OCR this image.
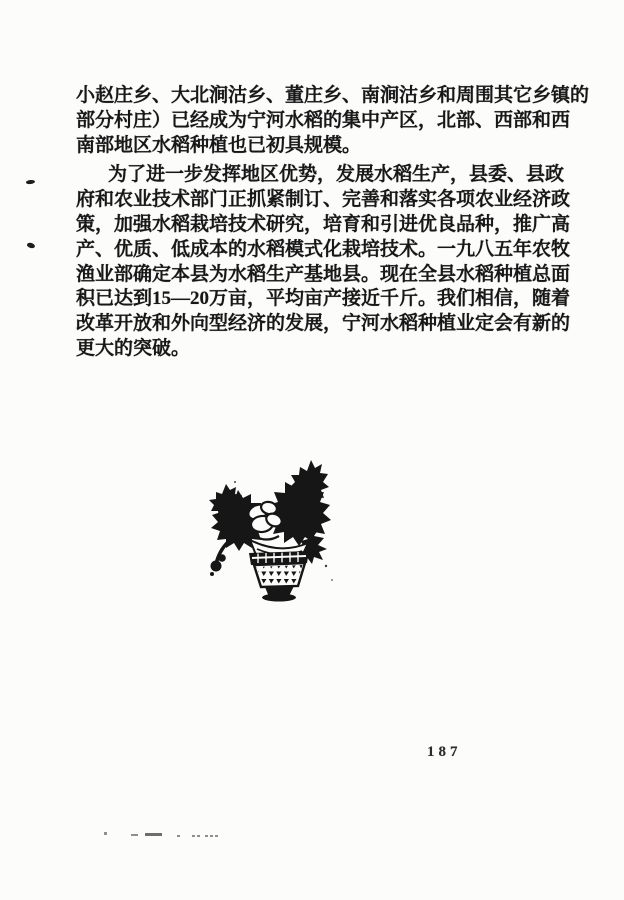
小赵庄乡、大北涧沽乡、董庄乡、南涧沽乡和周围其它乡镇的
部分村庄）已经成为宁河水稻的集中产区，北部、西部和西
南部地区水稻种植也已初具规模。
为了进一步发挥地区优势，发展水稻生产，县委、县政
府和农业技术部门正抓紧制订、完善和落实各项农业经济政
策，加强水稻栽培技术研究，培育和引进优良品种，推广高
产、优质、低成本的水稻模式化栽培技术。一九八五年农牧
渔业部确定本县为水稻生产基地县。现在全县水稻种植总面
积已达到15—20万亩，平均亩产接近千斤。我们相信，随着
改革开放和外向型经济的发展，宁河水稻种植业定会有新的
更大的突破。
187
